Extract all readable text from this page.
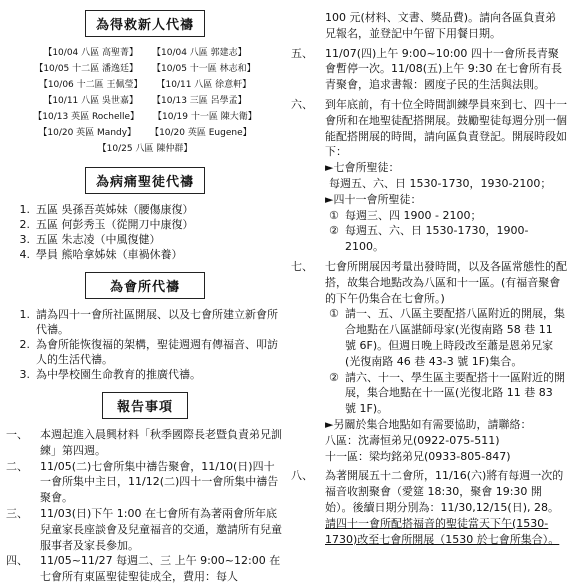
為得救新人代禱
【10/04 八區 高聖菁】 【10/04 八區 郭建志】
【10/05 十二區 潘逸廷】 【10/05 十一區 林志和】
【10/06 十二區 王佩瑩】 【10/11 八區 徐意軒】
【10/11 八區 吳世嘉】 【10/13 三區 呂學孟】
【10/13 英區 Rochelle】 【10/19 十一區 陳大衛】
【10/20 英區 Mandy】 【10/20 英區 Eugene】
【10/25 八區 陳仲群】
為病痛聖徒代禱
1. 五區 吳孫吾英姊妹（腰傷康復）
2. 五區 何彭秀玉（從開刀中康復）
3. 五區 朱志凌（中風復健）
4. 學員 熊哈拿姊妹（車禍休養）
為會所代禱
1. 請為四十一會所社區開展、以及七會所建立新會所代禱。
2. 為會所能恢復福的架構，聖徒週週有傳福音、叩訪人的生活代禱。
3. 為中學校園生命教育的推廣代禱。
報告事項
一、	本週起進入晨興材料「秋季國際長老暨負責弟兄訓練」第四週。
二、	11/05(二)七會所集中禱告聚會，11/10(日)四十一會所集中主日，11/12(二)四十一會所集中禱告聚會。
三、	11/03(日)下午 1:00 在七會所有為著兩會所年底兒童家長座談會及兒童福音的交通，邀請所有兒童服事者及家長參加。
四、	11/05~11/27 每週二、三 上午 9:00~12:00 在七會所有東區聖徒聖徒成全，費用：每人
100 元(材料、文書、獎品費)。請向各區負責弟兄報名，並登記中午留下用餐日期。
五、	11/07(四)上午 9:00~10:00 四十一會所長青聚會暫停一次。11/08(五)上午 9:30 在七會所有長青聚會，追求書報：國度子民的生活與法則。
六、	到年底前，有十位全時間訓練學員來到七、四十一會所和在地聖徒配搭開展。鼓勵聖徒每週分別一個能配搭開展的時間，請向區負責登記。開展時段如下：
►七會所聖徒：
每週五、六、日 1530-1730，1930-2100；
►四十一會所聖徒：
① 每週三、四 1900 - 2100；
② 每週五、六、日 1530-1730，1900-2100。
七、	七會所開展因考量出發時間，以及各區常態性的配搭，故集合地點改為八區和十一區。(有福音聚會的下午仍集合在七會所。)
① 請一、五、八區主要配搭八區附近的開展，集合地點在八區諶師母家(光復南路 58 巷 11 號 6F)。但週日晚上時段改至蕭是恩弟兄家(光復南路 46 巷 43-3 號 1F)集合。
② 請六、十一、學生區主要配搭十一區附近的開展，集合地點在十一區(光復北路 11 巷 83 號 1F)。
►另關於集合地點如有需要協助，請聯絡：
八區：沈壽恒弟兄(0922-075-511)
十一區：梁均銘弟兄(0933-805-847)
八、	為著開展五十二會所，11/16(六)將有每週一次的福音收割聚會（愛筵 18:30，聚會 19:30 開始）。後續日期分別為：11/30,12/15(日), 28。請四十一會所配搭福音的聖徒當天下午(1530-1730)改至七會所開展（1530 於七會所集合）。
